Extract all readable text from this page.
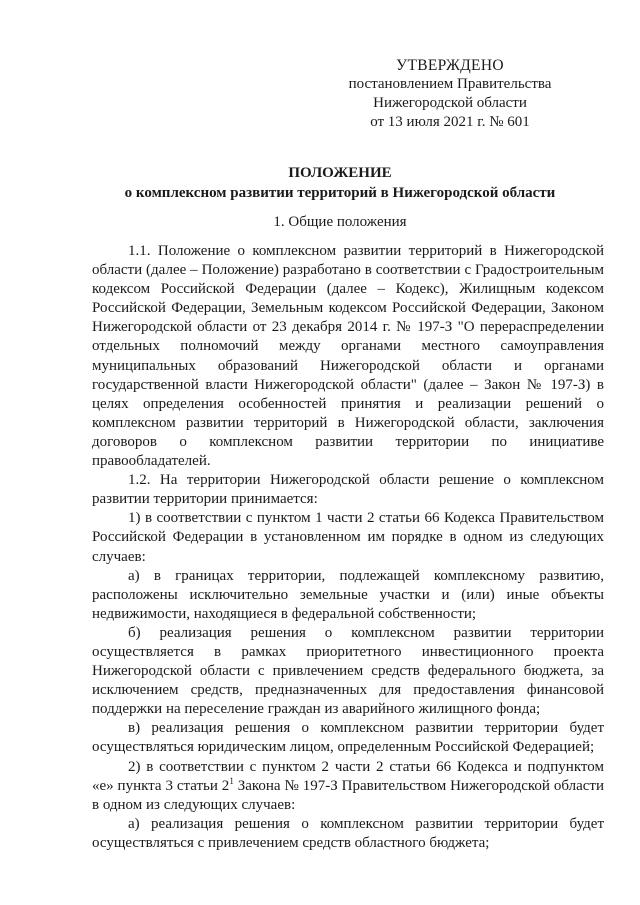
УТВЕРЖДЕНО
постановлением Правительства
Нижегородской области
от 13 июля 2021 г. № 601
ПОЛОЖЕНИЕ
о комплексном развитии территорий в Нижегородской области
1. Общие положения

1.1. Положение о комплексном развитии территорий в Нижегородской области (далее – Положение) разработано в соответствии с Градостроительным кодексом Российской Федерации (далее – Кодекс), Жилищным кодексом Российской Федерации, Земельным кодексом Российской Федерации, Законом Нижегородской области от 23 декабря 2014 г. № 197-З "О перераспределении отдельных полномочий между органами местного самоуправления муниципальных образований Нижегородской области и органами государственной власти Нижегородской области" (далее – Закон № 197-З) в целях определения особенностей принятия и реализации решений о комплексном развитии территорий в Нижегородской области, заключения договоров о комплексном развитии территории по инициативе правообладателей.

1.2. На территории Нижегородской области решение о комплексном развитии территории принимается:

1) в соответствии с пунктом 1 части 2 статьи 66 Кодекса Правительством Российской Федерации в установленном им порядке в одном из следующих случаев:

а) в границах территории, подлежащей комплексному развитию, расположены исключительно земельные участки и (или) иные объекты недвижимости, находящиеся в федеральной собственности;

б) реализация решения о комплексном развитии территории осуществляется в рамках приоритетного инвестиционного проекта Нижегородской области с привлечением средств федерального бюджета, за исключением средств, предназначенных для предоставления финансовой поддержки на переселение граждан из аварийного жилищного фонда;

в) реализация решения о комплексном развитии территории будет осуществляться юридическим лицом, определенным Российской Федерацией;

2) в соответствии с пунктом 2 части 2 статьи 66 Кодекса и подпунктом «е» пункта 3 статьи $2^1$ Закона № 197-З Правительством Нижегородской области в одном из следующих случаев:

а) реализация решения о комплексном развитии территории будет осуществляться с привлечением средств областного бюджета;
